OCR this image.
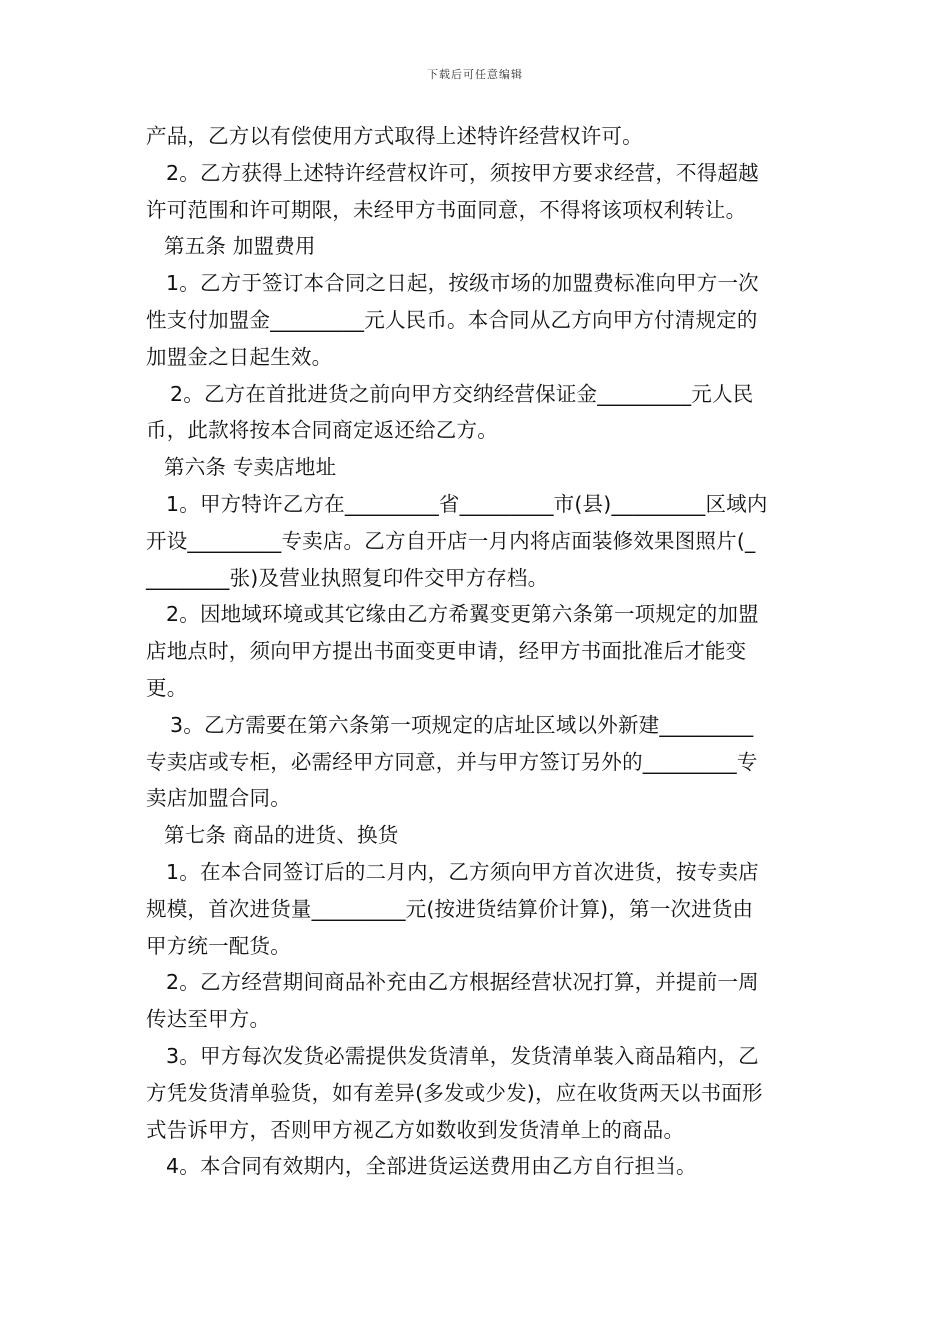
下载后可任意编辑
产品，乙方以有偿使用方式取得上述特许经营权许可。
2。乙方获得上述特许经营权许可，须按甲方要求经营，不得超越
许可范围和许可期限，未经甲方书面同意，不得将该项权利转让。
第五条 加盟费用
1。乙方于签订本合同之日起，按级市场的加盟费标准向甲方一次
性支付加盟金_________元人民币。本合同从乙方向甲方付清规定的
加盟金之日起生效。
2。乙方在首批进货之前向甲方交纳经营保证金_________元人民
币，此款将按本合同商定返还给乙方。
第六条 专卖店地址
1。甲方特许乙方在_________省_________市(县)_________区域内
开设_________专卖店。乙方自开店一月内将店面装修效果图照片(_
________张)及营业执照复印件交甲方存档。
2。因地域环境或其它缘由乙方希翼变更第六条第一项规定的加盟
店地点时，须向甲方提出书面变更申请，经甲方书面批准后才能变
更。
3。乙方需要在第六条第一项规定的店址区域以外新建_________
专卖店或专柜，必需经甲方同意，并与甲方签订另外的_________专
卖店加盟合同。
第七条 商品的进货、换货
1。在本合同签订后的二月内，乙方须向甲方首次进货，按专卖店
规模，首次进货量_________元(按进货结算价计算)，第一次进货由
甲方统一配货。
2。乙方经营期间商品补充由乙方根据经营状况打算，并提前一周
传达至甲方。
3。甲方每次发货必需提供发货清单，发货清单装入商品箱内，乙
方凭发货清单验货，如有差异(多发或少发)，应在收货两天以书面形
式告诉甲方，否则甲方视乙方如数收到发货清单上的商品。
4。本合同有效期内，全部进货运送费用由乙方自行担当。
